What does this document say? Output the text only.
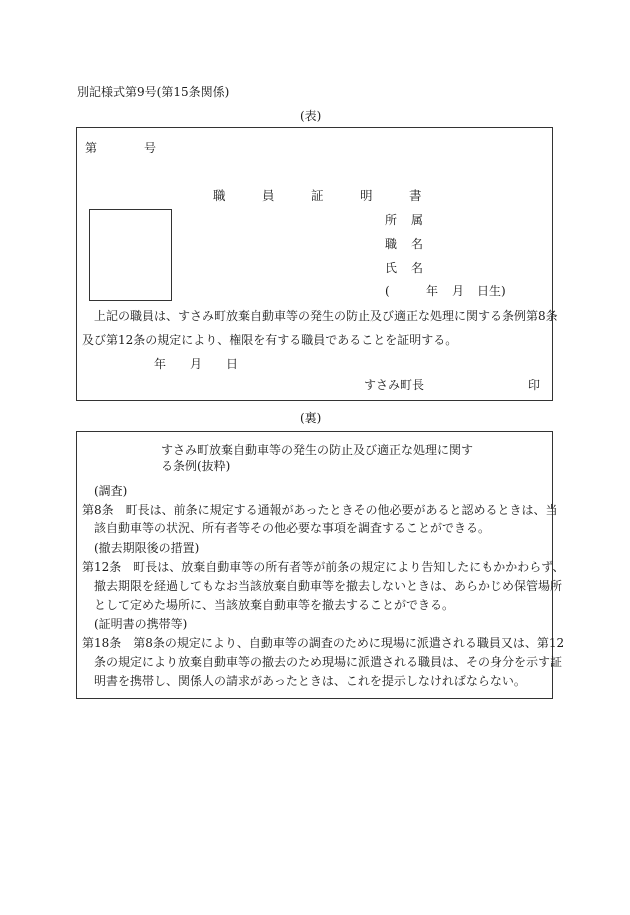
別記様式第9号(第15条関係)
(表)
第	号
職	員	証	明	書
所 属
職 名
氏 名
(	年 月 日生)
上記の職員は、すさみ町放棄自動車等の発生の防止及び適正な処理に関する条例第8条
及び第12条の規定により、権限を有する職員であることを証明する。
年 月 日
すさみ町長	印
(裏)
すさみ町放棄自動車等の発生の防止及び適正な処理に関す
る条例(抜粋)
(調査)
第8条　町長は、前条に規定する通報があったときその他必要があると認めるときは、当
該自動車等の状況、所有者等その他必要な事項を調査することができる。
(撤去期限後の措置)
第12条　町長は、放棄自動車等の所有者等が前条の規定により告知したにもかかわらず、
撤去期限を経過してもなお当該放棄自動車等を撤去しないときは、あらかじめ保管場所
として定めた場所に、当該放棄自動車等を撤去することができる。
(証明書の携帯等)
第18条　第8条の規定により、自動車等の調査のために現場に派遣される職員又は、第12
条の規定により放棄自動車等の撤去のため現場に派遣される職員は、その身分を示す証
明書を携帯し、関係人の請求があったときは、これを提示しなければならない。
